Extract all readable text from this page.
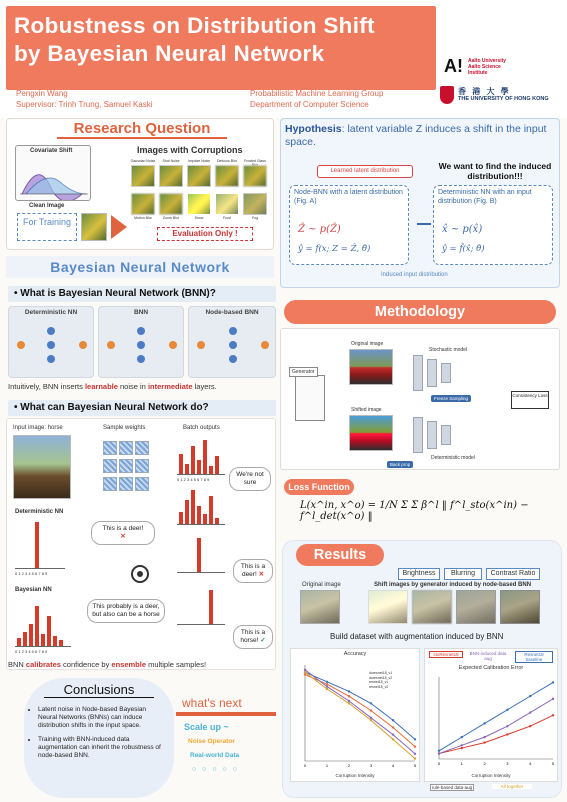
Robustness on Distribution Shift
by Bayesian Neural Network
Pengxin Wang
Supervisor: Trinh Trung, Samuel Kaski
Probabilistic Machine Learning Group
Department of Computer Science
A! Aalto University
Aalto Science
Institute
香 港 大 學
THE UNIVERSITY OF HONG KONG
Research Question
Covariate Shift
Clean Image
For Training
Images with Corruptions
Gaussian Noise	Shot Noise	Impulse Noise	Defocus Blur	Frosted Glass
Motion Blur	Zoom Blur	Snow	Frost	Fog
Evaluation Only !
Hypothesis: latent variable Z induces a shift in the input space.
Learned latent distribution	We want to find the induced distribution!!!
Node-BNN with a latent distribution (Fig. A)
Ẑ ~ p(Ẑ)
ŷ = f(x; Z = Ẑ, θ̂)
Deterministic NN with an input distribution (Fig. B)
x̂ ~ p(x̂)
ŷ = f̂(x̂; θ̂)
Induced input distribution
Bayesian Neural Network
• What is Bayesian Neural Network (BNN)?
Deterministic NN	BNN	Node-based BNN
Intuitively, BNN inserts learnable noise in intermediate layers.
• What can Bayesian Neural Network do?
Input image: horse	Sample weights	Batch outputs
0 1 2 3 4 5 6 7 8 9
We're not sure
This is a deer! ✕
This is a horse! ✓
Deterministic NN
0 1 2 3 4 5 6 7 8 9
This is a deer!
✕
Bayesian NN
0 1 2 3 4 5 6 7 8 9
This probably is a deer, but also can be a horse
BNN calibrates confidence by ensemble multiple samples!
Conclusions
• Latent noise in Node-based Bayesian Neural Networks (BNNs) can induce distribution shifts in the input space.
• Training with BNN-induced data augmentation can inherit the robustness of node-based BNN.
what's next
Scale up ~
Noise Operator
Real-world Data
○ ○ ○ ○ ○
Methodology
Original image
Generator
Stochastic model
Freeze Sampling
Consistency Loss
Shifted image
Deterministic model
Back prop
Loss Function
L(x^in, x^o) = 1/N Σ Σ β^l ‖ f^l_sto(x^in) − f^l_det(x^o) ‖
Results
Brightness	Blurring	Contrast Ratio
Original image	Shift images by generator induced by node-based BNN
Build dataset with augmentation induced by BNN
Accuracy
0	1	2	3	4	5
doresnet18_v1
doresnet18_v2
resnet18_v1
resnet18_v2
Corruption Intensity
stoResnet18	BNN-induced data aug
Resnet18 baseline
Expected Calibration Error
0	1	2	3	4	5
Corruption Intensity
rule-based data-aug	All together
